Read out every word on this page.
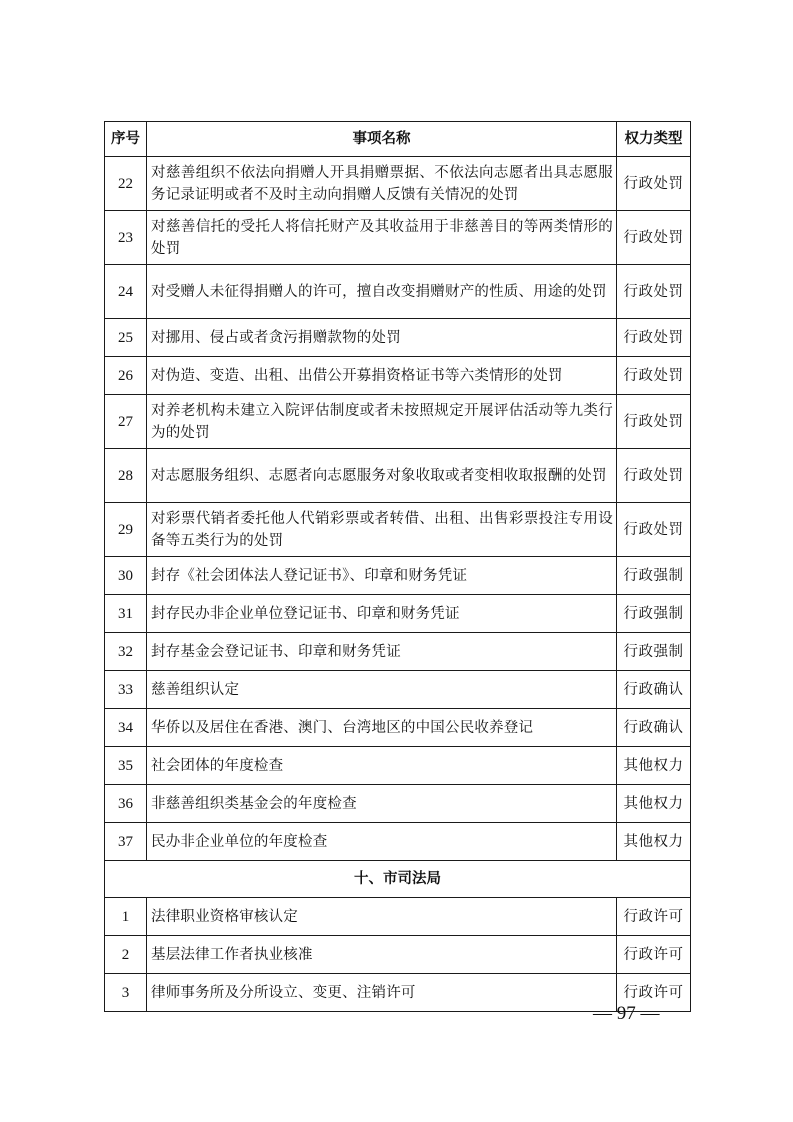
序号	事项名称	权力类型
22	对慈善组织不依法向捐赠人开具捐赠票据、不依法向志愿者出具志愿服务记录证明或者不及时主动向捐赠人反馈有关情况的处罚	行政处罚
23	对慈善信托的受托人将信托财产及其收益用于非慈善目的等两类情形的处罚	行政处罚
24	对受赠人未征得捐赠人的许可，擅自改变捐赠财产的性质、用途的处罚	行政处罚
25	对挪用、侵占或者贪污捐赠款物的处罚	行政处罚
26	对伪造、变造、出租、出借公开募捐资格证书等六类情形的处罚	行政处罚
27	对养老机构未建立入院评估制度或者未按照规定开展评估活动等九类行为的处罚	行政处罚
28	对志愿服务组织、志愿者向志愿服务对象收取或者变相收取报酬的处罚	行政处罚
29	对彩票代销者委托他人代销彩票或者转借、出租、出售彩票投注专用设备等五类行为的处罚	行政处罚
30	封存《社会团体法人登记证书》、印章和财务凭证	行政强制
31	封存民办非企业单位登记证书、印章和财务凭证	行政强制
32	封存基金会登记证书、印章和财务凭证	行政强制
33	慈善组织认定	行政确认
34	华侨以及居住在香港、澳门、台湾地区的中国公民收养登记	行政确认
35	社会团体的年度检查	其他权力
36	非慈善组织类基金会的年度检查	其他权力
37	民办非企业单位的年度检查	其他权力
十、市司法局		
1	法律职业资格审核认定	行政许可
2	基层法律工作者执业核准	行政许可
3	律师事务所及分所设立、变更、注销许可	行政许可
— 97 —
